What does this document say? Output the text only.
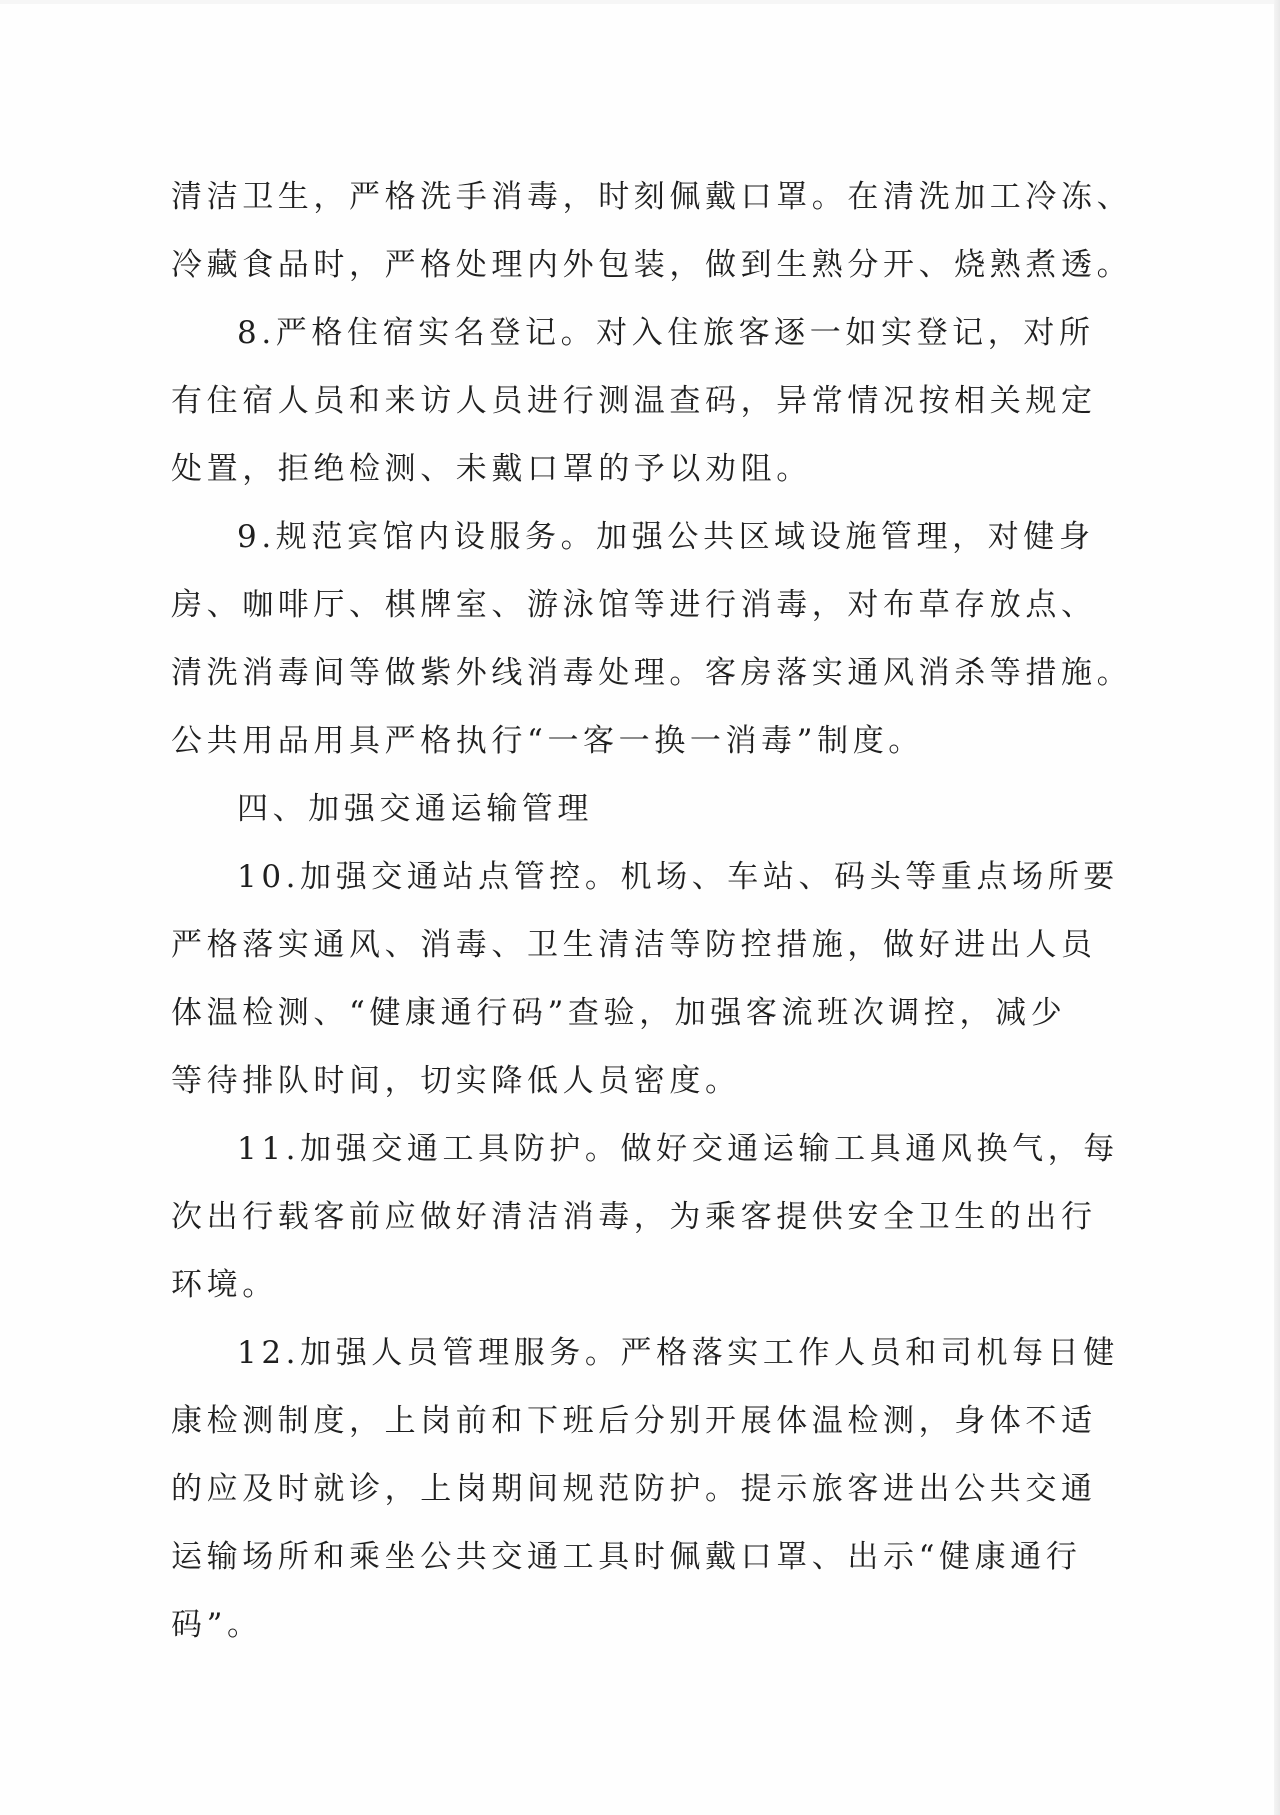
清洁卫生，严格洗手消毒，时刻佩戴口罩。在清洗加工冷冻、
冷藏食品时，严格处理内外包装，做到生熟分开、烧熟煮透。
8.严格住宿实名登记。对入住旅客逐一如实登记，对所
有住宿人员和来访人员进行测温查码，异常情况按相关规定
处置，拒绝检测、未戴口罩的予以劝阻。
9.规范宾馆内设服务。加强公共区域设施管理，对健身
房、咖啡厅、棋牌室、游泳馆等进行消毒，对布草存放点、
清洗消毒间等做紫外线消毒处理。客房落实通风消杀等措施。
公共用品用具严格执行“一客一换一消毒”制度。
四、加强交通运输管理
10.加强交通站点管控。机场、车站、码头等重点场所要
严格落实通风、消毒、卫生清洁等防控措施，做好进出人员
体温检测、“健康通行码”查验，加强客流班次调控，减少
等待排队时间，切实降低人员密度。
11.加强交通工具防护。做好交通运输工具通风换气，每
次出行载客前应做好清洁消毒，为乘客提供安全卫生的出行
环境。
12.加强人员管理服务。严格落实工作人员和司机每日健
康检测制度，上岗前和下班后分别开展体温检测，身体不适
的应及时就诊，上岗期间规范防护。提示旅客进出公共交通
运输场所和乘坐公共交通工具时佩戴口罩、出示“健康通行
码”。
